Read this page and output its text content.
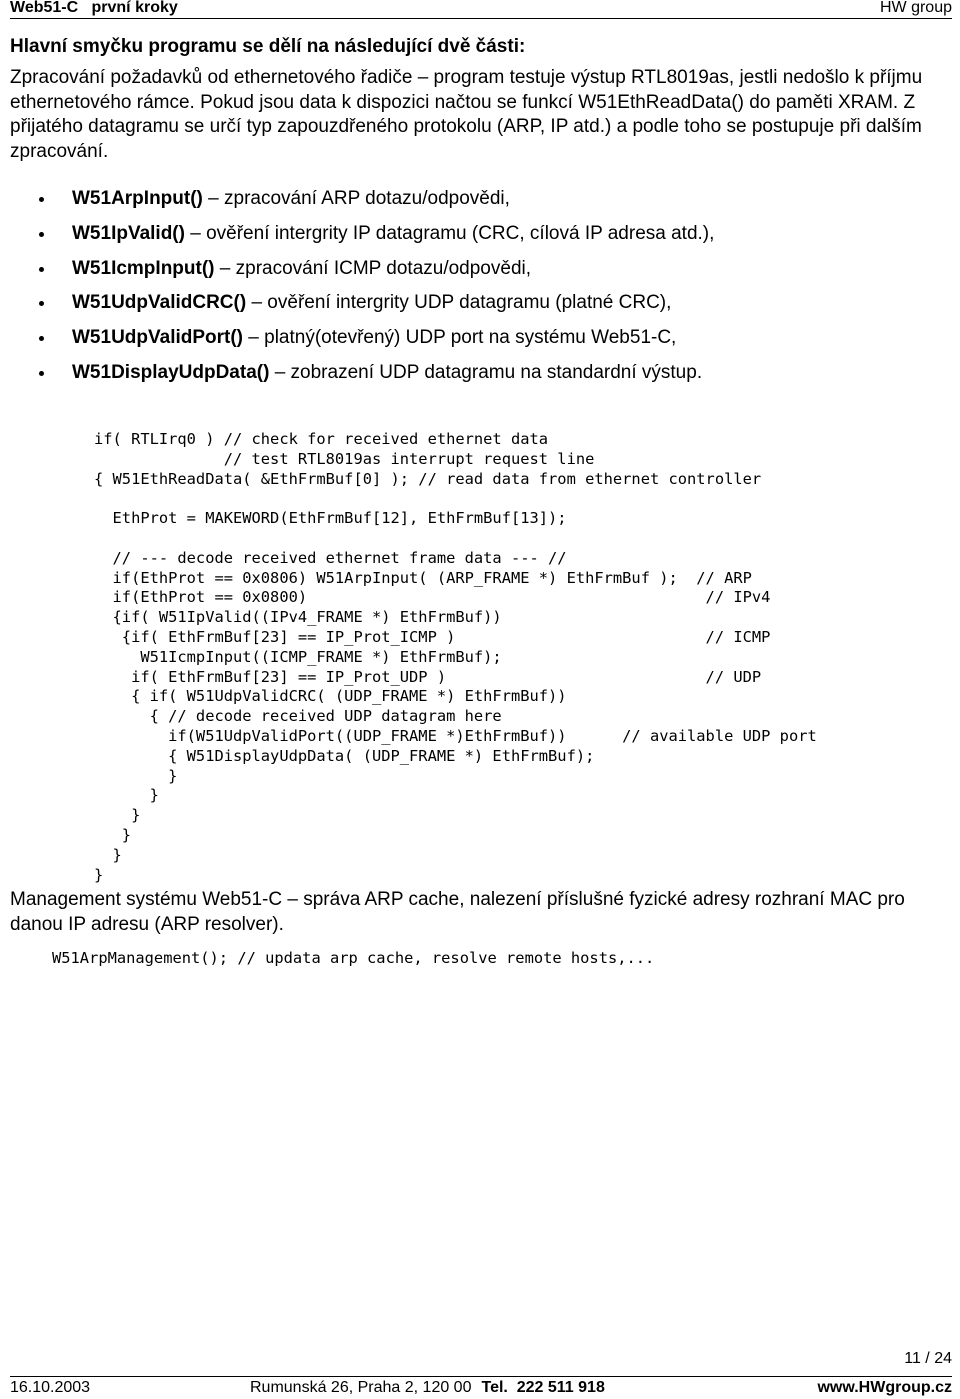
Web51-C   první kroky	HW group
Hlavní smyčku programu se dělí na následující dvě části:

Zpracování požadavků od ethernetového řadiče – program testuje výstup RTL8019as, jestli nedošlo k příjmu ethernetového rámce. Pokud jsou data k dispozici načtou se funkcí W51EthReadData() do paměti XRAM. Z přijatého datagramu se určí typ zapouzdřeného protokolu (ARP, IP atd.) a podle toho se postupuje při dalším zpracování.

W51ArpInput() – zpracování ARP dotazu/odpovědi,
W51IpValid() – ověření intergrity IP datagramu (CRC, cílová IP adresa atd.),
W51IcmpInput() – zpracování ICMP dotazu/odpovědi,
W51UdpValidCRC() – ověření intergrity UDP datagramu (platné CRC),
W51UdpValidPort() – platný(otevřený) UDP port na systému Web51-C,
W51DisplayUdpData() – zobrazení UDP datagramu na standardní výstup.
if( RTLIrq0 ) // check for received ethernet data
// test RTL8019as interrupt request line
{ W51EthReadData( &EthFrmBuf[0] ); // read data from ethernet controller

EthProt = MAKEWORD(EthFrmBuf[12], EthFrmBuf[13]);

// --- decode received ethernet frame data --- //
if(EthProt == 0x0806) W51ArpInput( (ARP_FRAME *) EthFrmBuf );  // ARP
if(EthProt == 0x0800)                                           // IPv4
{if( W51IpValid((IPv4_FRAME *) EthFrmBuf))
{if( EthFrmBuf[23] == IP_Prot_ICMP )                           // ICMP
W51IcmpInput((ICMP_FRAME *) EthFrmBuf);
if( EthFrmBuf[23] == IP_Prot_UDP )                            // UDP
{ if( W51UdpValidCRC( (UDP_FRAME *) EthFrmBuf))
{ // decode received UDP datagram here
if(W51UdpValidPort((UDP_FRAME *)EthFrmBuf))      // available UDP port
{ W51DisplayUdpData( (UDP_FRAME *) EthFrmBuf);
}
}
}
}
}
}
Management systému Web51-C – správa ARP cache, nalezení příslušné fyzické adresy rozhraní MAC pro danou IP adresu (ARP resolver).
W51ArpManagement(); // updata arp cache, resolve remote hosts,...
11 / 24
16.10.2003	Rumunská 26, Praha 2, 120 00 Tel.  222 511 918	www.HWgroup.cz
